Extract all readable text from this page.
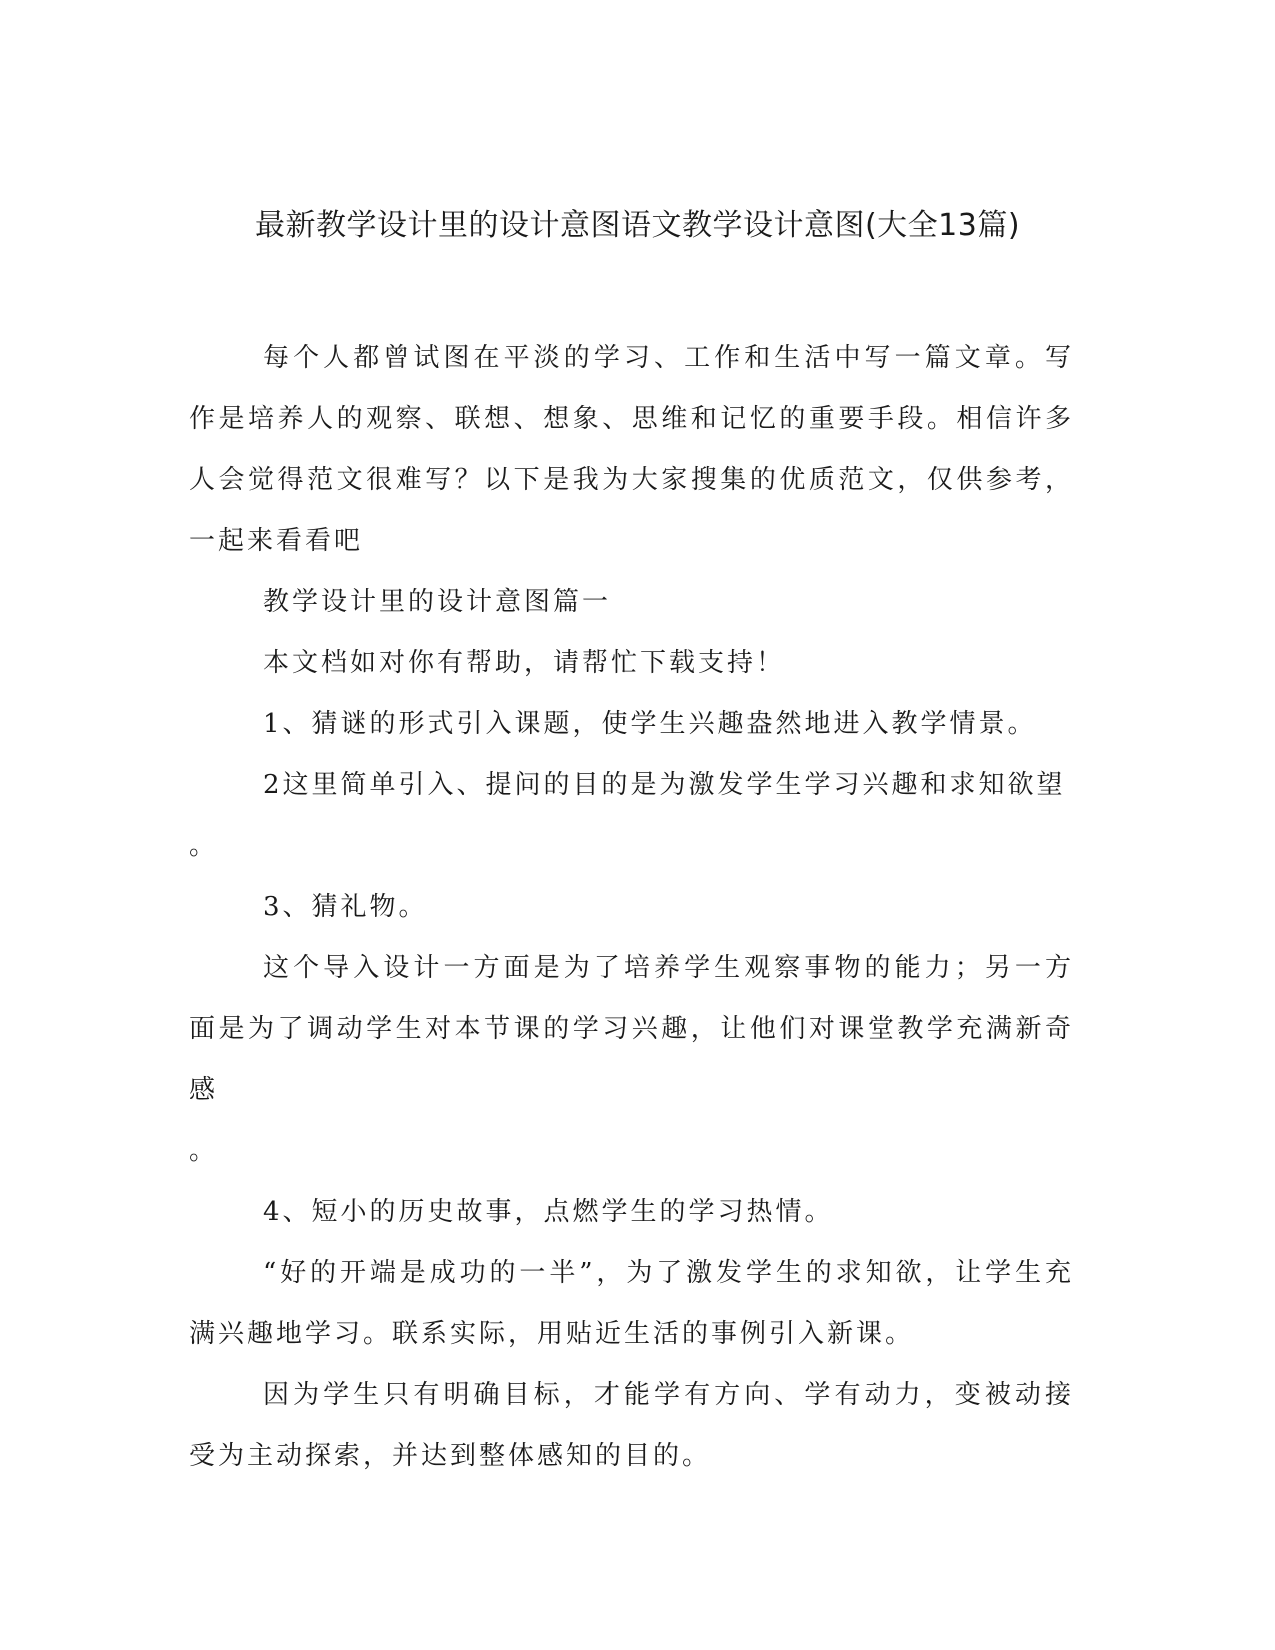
最新教学设计里的设计意图语文教学设计意图(大全13篇)

每个人都曾试图在平淡的学习、工作和生活中写一篇文章。写作是培养人的观察、联想、想象、思维和记忆的重要手段。相信许多人会觉得范文很难写？以下是我为大家搜集的优质范文，仅供参考，一起来看看吧

教学设计里的设计意图篇一

本文档如对你有帮助，请帮忙下载支持！

1、猜谜的形式引入课题，使学生兴趣盎然地进入教学情景。

2这里简单引入、提问的目的是为激发学生学习兴趣和求知欲望

。

3、猜礼物。

这个导入设计一方面是为了培养学生观察事物的能力；另一方面是为了调动学生对本节课的学习兴趣，让他们对课堂教学充满新奇感

。

4、短小的历史故事，点燃学生的学习热情。

“好的开端是成功的一半”，为了激发学生的求知欲，让学生充满兴趣地学习。联系实际，用贴近生活的事例引入新课。

因为学生只有明确目标，才能学有方向、学有动力，变被动接受为主动探索，并达到整体感知的目的。
